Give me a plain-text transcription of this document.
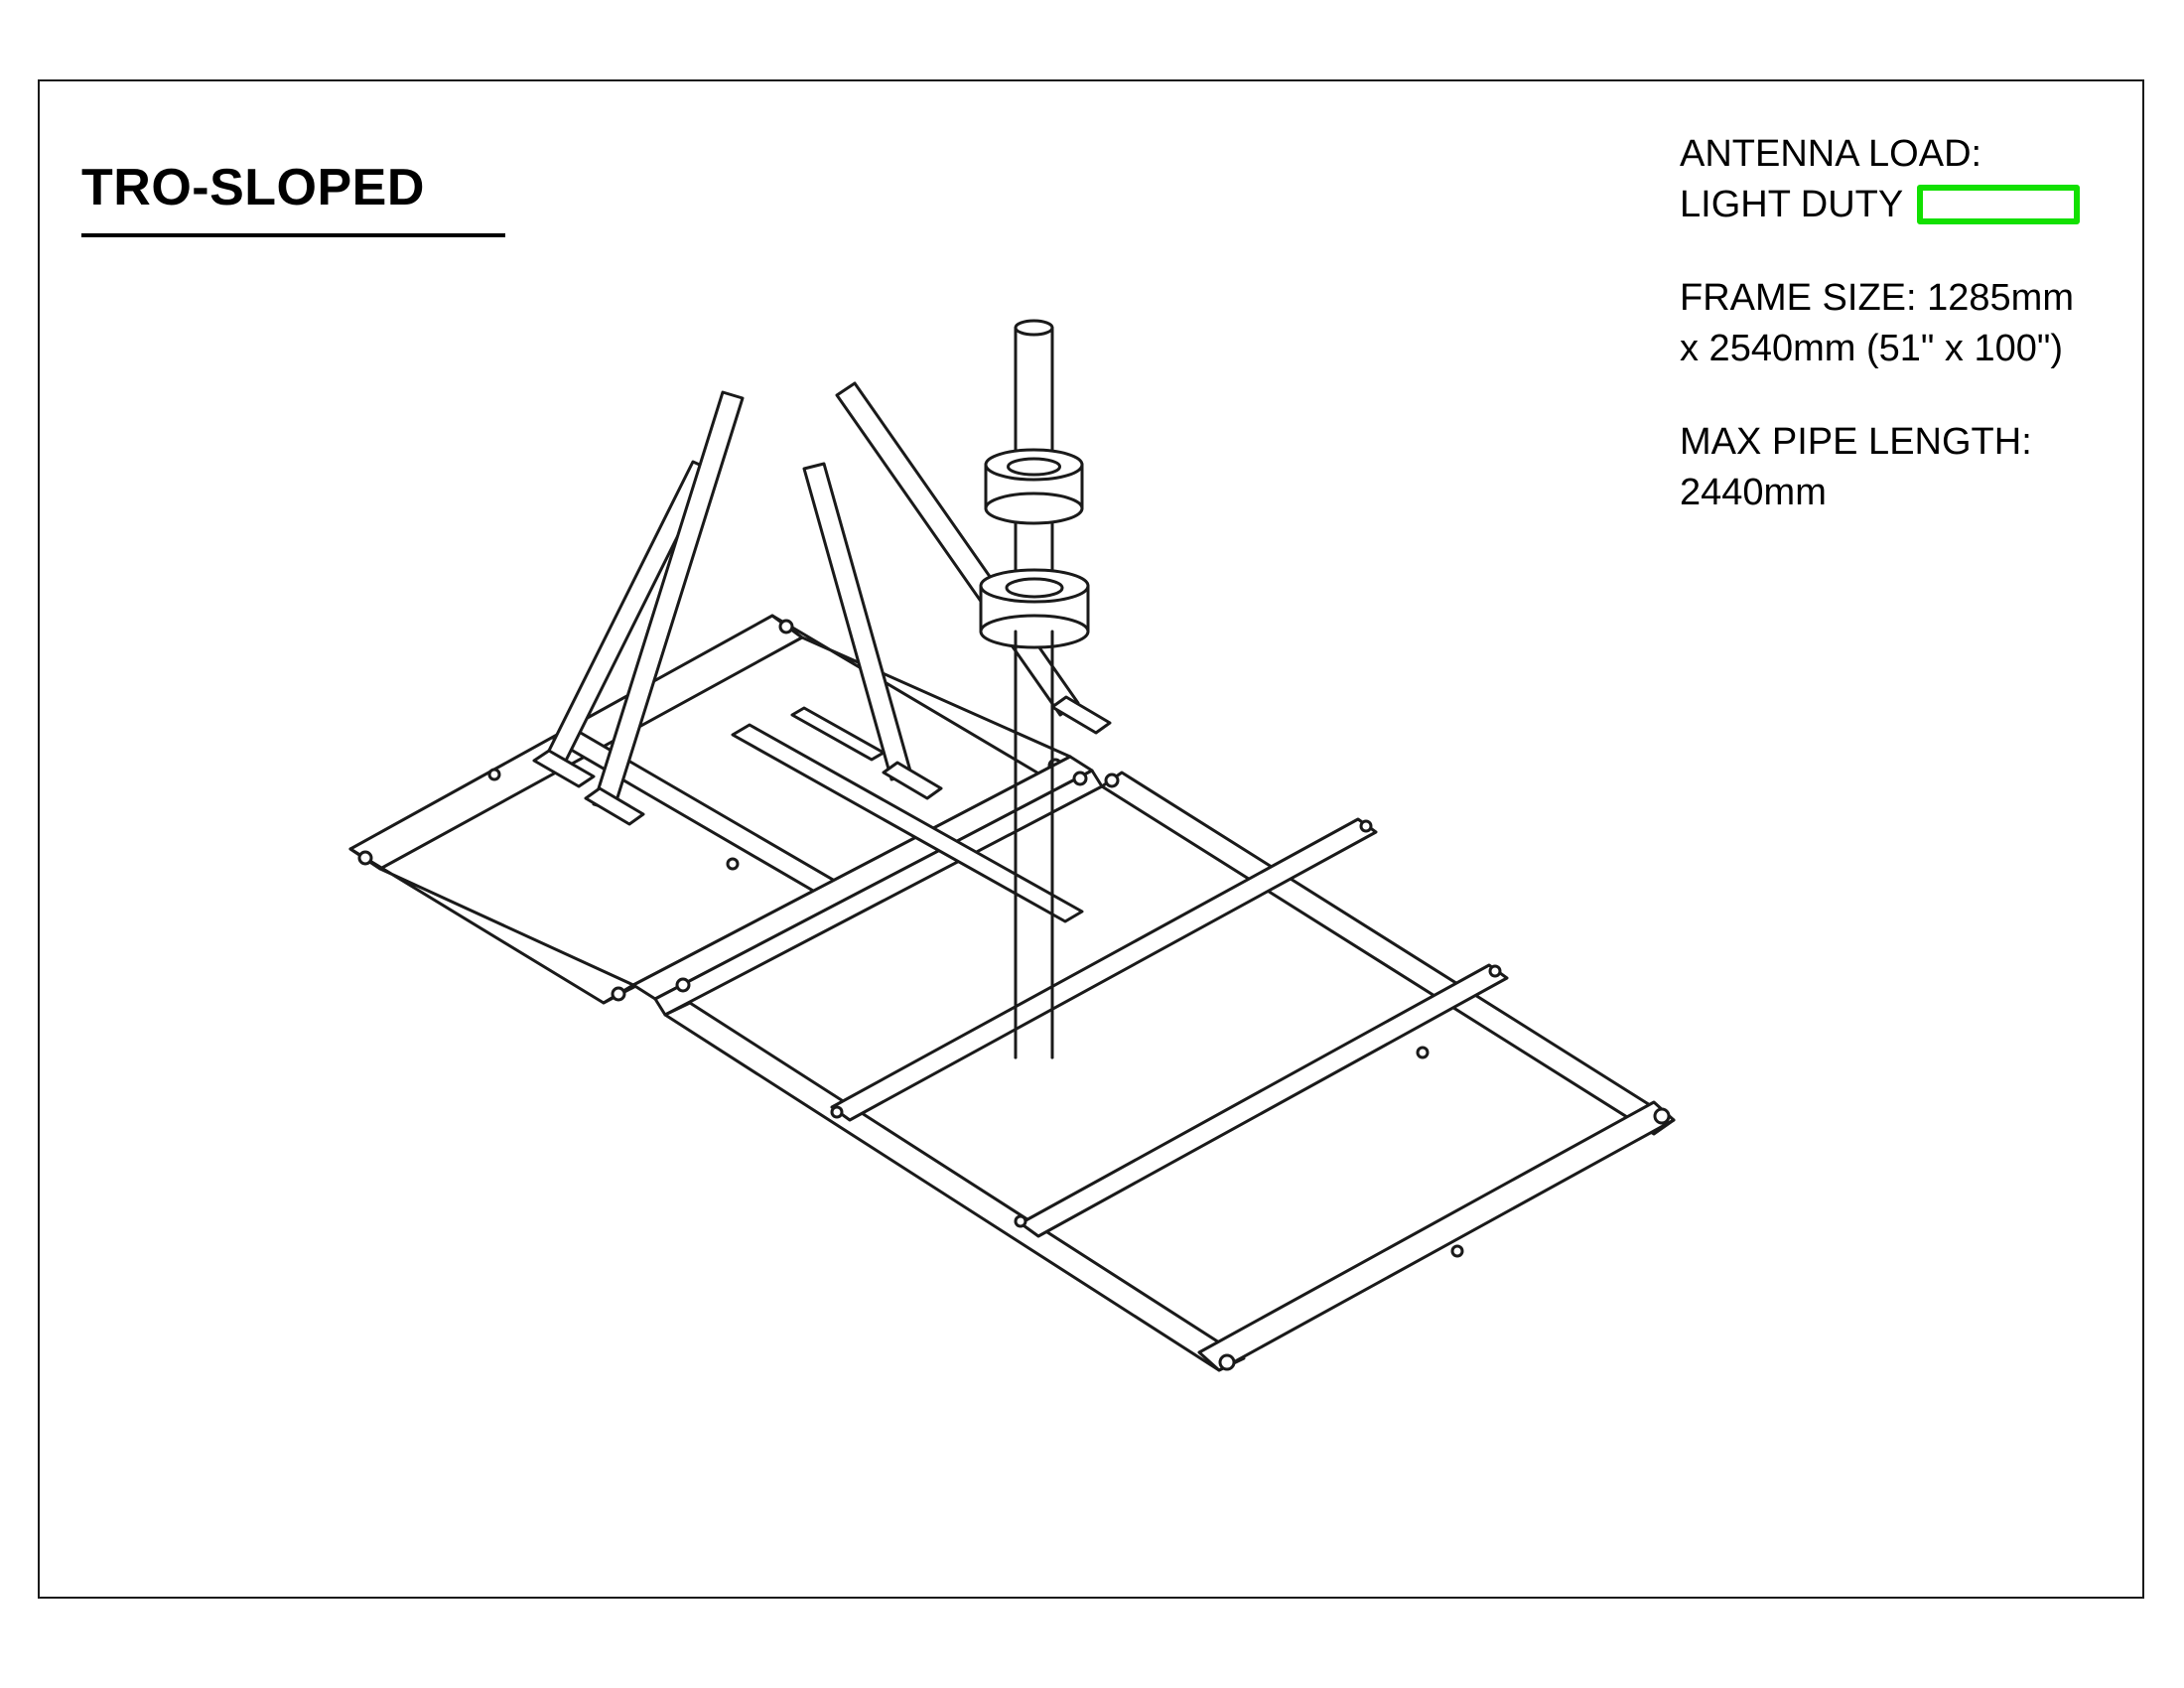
TRO-SLOPED
ANTENNA LOAD:
LIGHT DUTY
FRAME SIZE: 1285mm
x 2540mm (51" x 100")
MAX PIPE LENGTH:
2440mm
